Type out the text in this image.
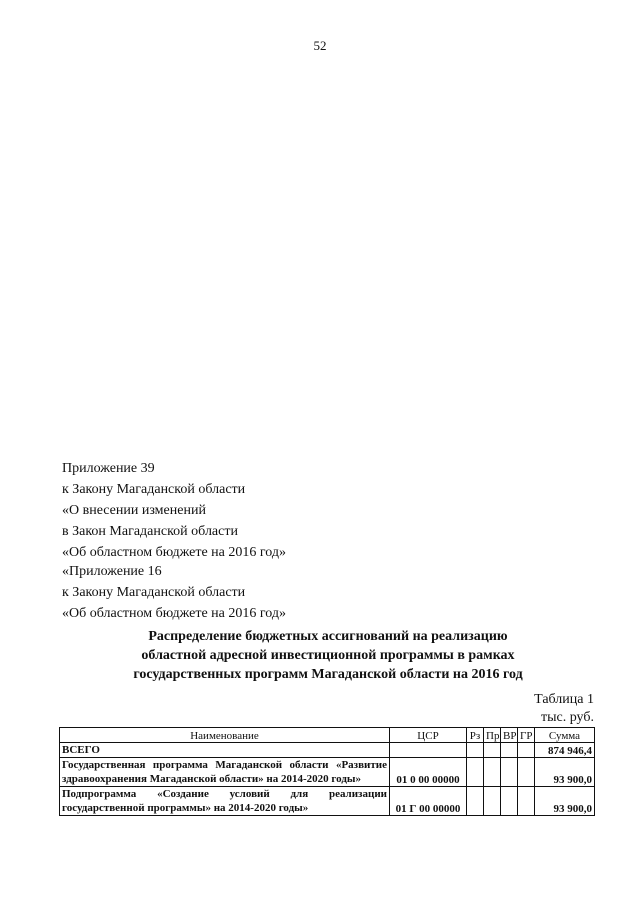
52
Приложение 39
к Закону Магаданской области
«О внесении изменений
в Закон Магаданской области
«Об областном бюджете на 2016 год»
«Приложение 16
к Закону Магаданской области
«Об областном бюджете на 2016 год»
Распределение бюджетных ассигнований на реализацию
областной адресной инвестиционной программы в рамках
государственных программ Магаданской области на 2016 год
Таблица 1
тыс. руб.
Наименование	ЦСР	Рз	Пр	ВР	ГР	Сумма
ВСЕГО						874 946,4
Государственная программа Магаданской области «Развитие здравоохранения Магаданской области» на 2014-2020 годы»	01 0 00 00000					93 900,0
Подпрограмма «Создание условий для реализации государственной программы» на 2014-2020 годы»	01 Г 00 00000					93 900,0
